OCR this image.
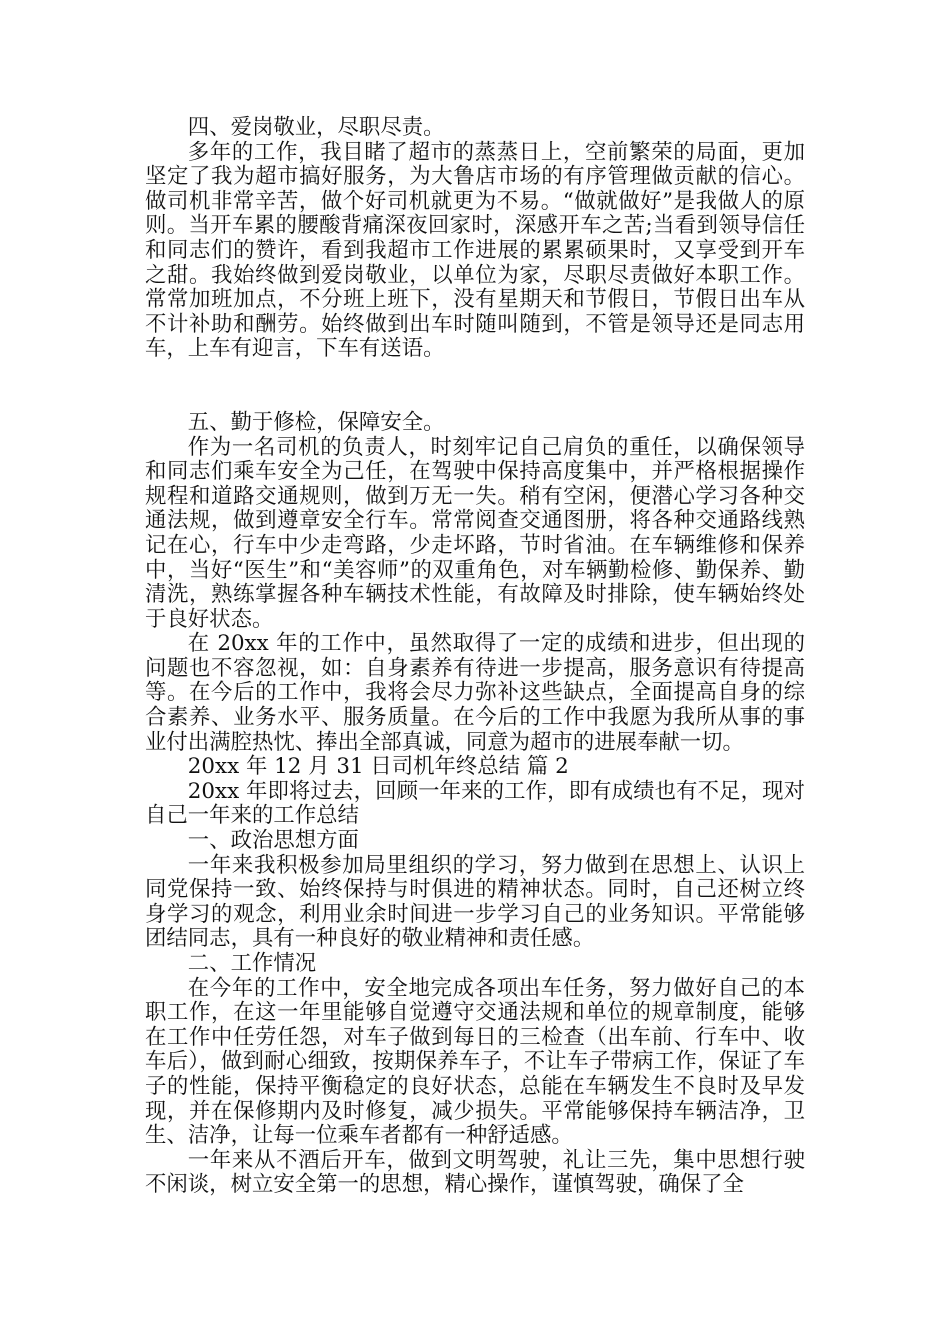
四、爱岗敬业，尽职尽责。

多年的工作，我目睹了超市的蒸蒸日上，空前繁荣的局面，更加坚定了我为超市搞好服务，为大鲁店市场的有序管理做贡献的信心。做司机非常辛苦，做个好司机就更为不易。“做就做好”是我做人的原则。当开车累的腰酸背痛深夜回家时，深感开车之苦;当看到领导信任和同志们的赞许，看到我超市工作进展的累累硕果时，又享受到开车之甜。我始终做到爱岗敬业，以单位为家，尽职尽责做好本职工作。常常加班加点，不分班上班下，没有星期天和节假日，节假日出车从不计补助和酬劳。始终做到出车时随叫随到，不管是领导还是同志用车，上车有迎言，下车有送语。

五、勤于修检，保障安全。

作为一名司机的负责人，时刻牢记自己肩负的重任，以确保领导和同志们乘车安全为己任，在驾驶中保持高度集中，并严格根据操作规程和道路交通规则，做到万无一失。稍有空闲，便潜心学习各种交通法规，做到遵章安全行车。常常阅查交通图册，将各种交通路线熟记在心，行车中少走弯路，少走坏路，节时省油。在车辆维修和保养中，当好“医生”和“美容师”的双重角色，对车辆勤检修、勤保养、勤清洗，熟练掌握各种车辆技术性能，有故障及时排除，使车辆始终处于良好状态。

在 20xx 年的工作中，虽然取得了一定的成绩和进步，但出现的问题也不容忽视，如：自身素养有待进一步提高，服务意识有待提高等。在今后的工作中，我将会尽力弥补这些缺点，全面提高自身的综合素养、业务水平、服务质量。在今后的工作中我愿为我所从事的事业付出满腔热忱、捧出全部真诚，同意为超市的进展奉献一切。

20xx 年 12 月 31 日司机年终总结 篇 2

20xx 年即将过去，回顾一年来的工作，即有成绩也有不足，现对自己一年来的工作总结

一、政治思想方面

一年来我积极参加局里组织的学习，努力做到在思想上、认识上同党保持一致、始终保持与时俱进的精神状态。同时，自己还树立终身学习的观念，利用业余时间进一步学习自己的业务知识。平常能够团结同志，具有一种良好的敬业精神和责任感。

二、工作情况

在今年的工作中，安全地完成各项出车任务，努力做好自己的本职工作，在这一年里能够自觉遵守交通法规和单位的规章制度，能够在工作中任劳任怨，对车子做到每日的三检查（出车前、行车中、收车后），做到耐心细致，按期保养车子，不让车子带病工作，保证了车子的性能，保持平衡稳定的良好状态，总能在车辆发生不良时及早发现，并在保修期内及时修复，减少损失。平常能够保持车辆洁净，卫生、洁净，让每一位乘车者都有一种舒适感。

一年来从不酒后开车，做到文明驾驶，礼让三先，集中思想行驶不闲谈，树立安全第一的思想，精心操作，谨慎驾驶，确保了全
